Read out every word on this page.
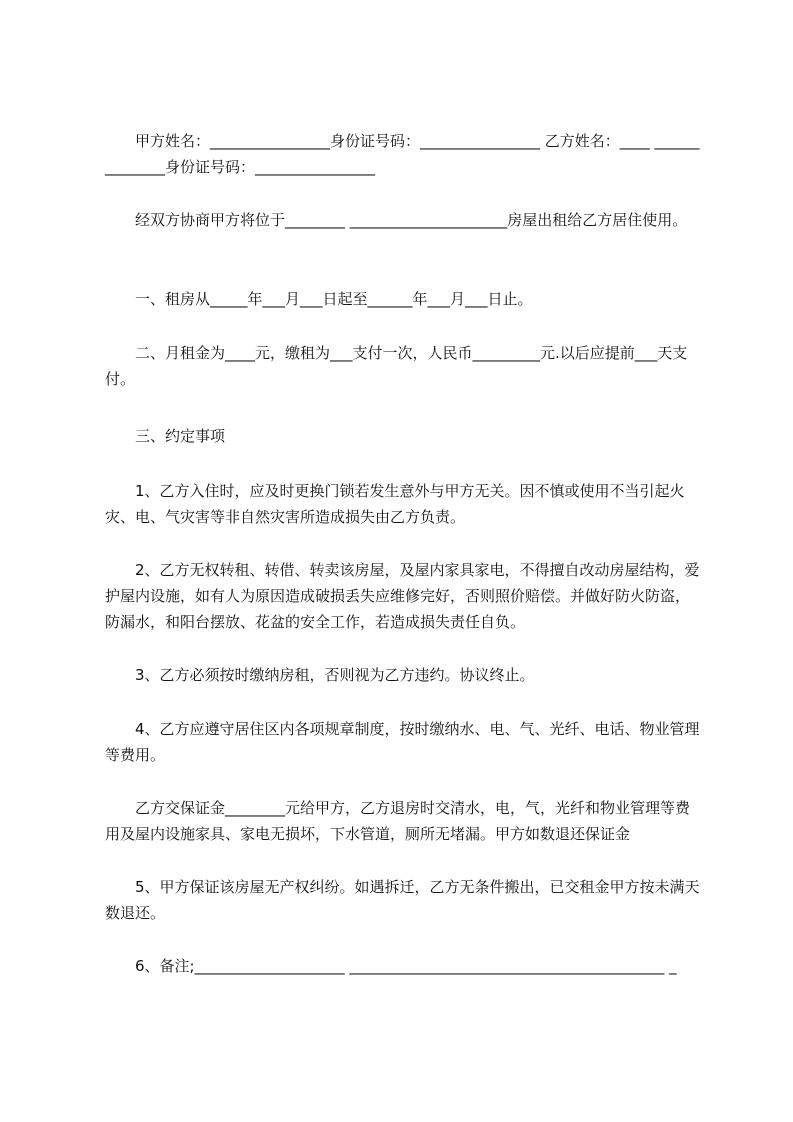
甲方姓名：________________身份证号码：________________ 乙方姓名：____ ______________身份证号码：________________
经双方协商甲方将位于________ _____________________房屋出租给乙方居住使用。
一、租房从_____年___月___日起至______年___月___日止。
二、月租金为____元，缴租为___支付一次，人民币_________元.以后应提前___天支付。
三、约定事项
1、乙方入住时，应及时更换门锁若发生意外与甲方无关。因不慎或使用不当引起火灾、电、气灾害等非自然灾害所造成损失由乙方负责。
2、乙方无权转租、转借、转卖该房屋，及屋内家具家电，不得擅自改动房屋结构，爱护屋内设施，如有人为原因造成破损丢失应维修完好，否则照价赔偿。并做好防火防盗，防漏水，和阳台摆放、花盆的安全工作，若造成损失责任自负。
3、乙方必须按时缴纳房租，否则视为乙方违约。协议终止。
4、乙方应遵守居住区内各项规章制度，按时缴纳水、电、气、光纤、电话、物业管理等费用。
乙方交保证金________元给甲方，乙方退房时交清水，电，气，光纤和物业管理等费用及屋内设施家具、家电无损坏，下水管道，厕所无堵漏。甲方如数退还保证金
5、甲方保证该房屋无产权纠纷。如遇拆迁，乙方无条件搬出，已交租金甲方按未满天数退还。
6、备注;____________________ __________________________________________ _
